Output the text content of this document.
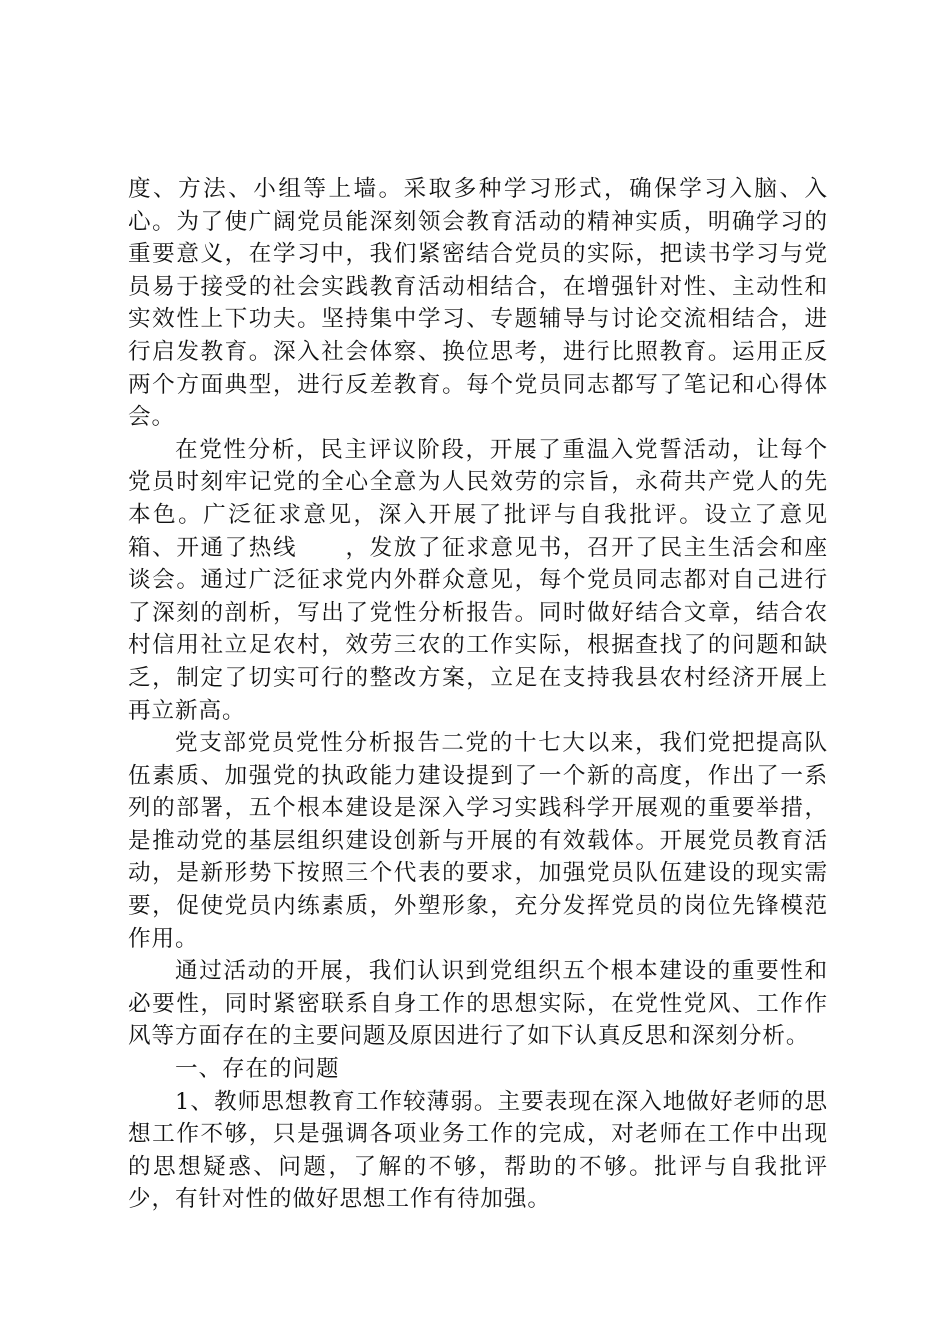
度、方法、小组等上墙。采取多种学习形式，确保学习入脑、入心。为了使广阔党员能深刻领会教育活动的精神实质，明确学习的重要意义，在学习中，我们紧密结合党员的实际，把读书学习与党员易于接受的社会实践教育活动相结合，在增强针对性、主动性和实效性上下功夫。坚持集中学习、专题辅导与讨论交流相结合，进行启发教育。深入社会体察、换位思考，进行比照教育。运用正反两个方面典型，进行反差教育。每个党员同志都写了笔记和心得体会。

在党性分析，民主评议阶段，开展了重温入党誓活动，让每个党员时刻牢记党的全心全意为人民效劳的宗旨，永荷共产党人的先本色。广泛征求意见，深入开展了批评与自我批评。设立了意见箱、开通了热线　　，发放了征求意见书，召开了民主生活会和座谈会。通过广泛征求党内外群众意见，每个党员同志都对自己进行了深刻的剖析，写出了党性分析报告。同时做好结合文章，结合农村信用社立足农村，效劳三农的工作实际，根据查找了的问题和缺乏，制定了切实可行的整改方案，立足在支持我县农村经济开展上再立新高。

党支部党员党性分析报告二党的十七大以来，我们党把提高队伍素质、加强党的执政能力建设提到了一个新的高度，作出了一系列的部署，五个根本建设是深入学习实践科学开展观的重要举措，是推动党的基层组织建设创新与开展的有效载体。开展党员教育活动，是新形势下按照三个代表的要求，加强党员队伍建设的现实需要，促使党员内练素质，外塑形象，充分发挥党员的岗位先锋模范作用。

通过活动的开展，我们认识到党组织五个根本建设的重要性和必要性，同时紧密联系自身工作的思想实际，在党性党风、工作作风等方面存在的主要问题及原因进行了如下认真反思和深刻分析。

一、存在的问题

1、教师思想教育工作较薄弱。主要表现在深入地做好老师的思想工作不够，只是强调各项业务工作的完成，对老师在工作中出现的思想疑惑、问题，了解的不够，帮助的不够。批评与自我批评少，有针对性的做好思想工作有待加强。
